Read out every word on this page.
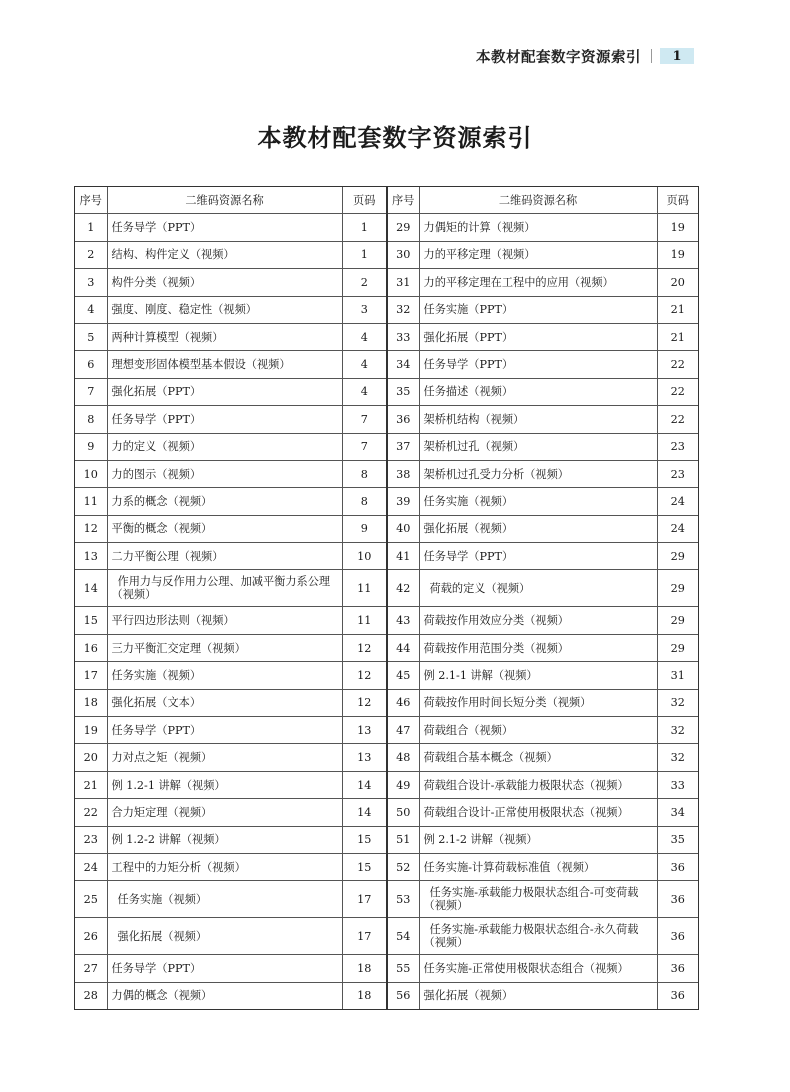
本教材配套数字资源索引	1
本教材配套数字资源索引
序号	二维码资源名称	页码
1	任务导学（PPT）	1
2	结构、构件定义（视频）	1
3	构件分类（视频）	2
4	强度、刚度、稳定性（视频）	3
5	两种计算模型（视频）	4
6	理想变形固体模型基本假设（视频）	4
7	强化拓展（PPT）	4
8	任务导学（PPT）	7
9	力的定义（视频）	7
10	力的图示（视频）	8
11	力系的概念（视频）	8
12	平衡的概念（视频）	9
13	二力平衡公理（视频）	10
14	作用力与反作用力公理、加减平衡力系公理（视频）	11
15	平行四边形法则（视频）	11
16	三力平衡汇交定理（视频）	12
17	任务实施（视频）	12
18	强化拓展（文本）	12
19	任务导学（PPT）	13
20	力对点之矩（视频）	13
21	例 1.2-1 讲解（视频）	14
22	合力矩定理（视频）	14
23	例 1.2-2 讲解（视频）	15
24	工程中的力矩分析（视频）	15
25	任务实施（视频）	17
26	强化拓展（视频）	17
27	任务导学（PPT）	18
28	力偶的概念（视频）	18
序号	二维码资源名称	页码
29	力偶矩的计算（视频）	19
30	力的平移定理（视频）	19
31	力的平移定理在工程中的应用（视频）	20
32	任务实施（PPT）	21
33	强化拓展（PPT）	21
34	任务导学（PPT）	22
35	任务描述（视频）	22
36	架桥机结构（视频）	22
37	架桥机过孔（视频）	23
38	架桥机过孔受力分析（视频）	23
39	任务实施（视频）	24
40	强化拓展（视频）	24
41	任务导学（PPT）	29
42	荷载的定义（视频）	29
43	荷载按作用效应分类（视频）	29
44	荷载按作用范围分类（视频）	29
45	例 2.1-1 讲解（视频）	31
46	荷载按作用时间长短分类（视频）	32
47	荷载组合（视频）	32
48	荷载组合基本概念（视频）	32
49	荷载组合设计-承载能力极限状态（视频）	33
50	荷载组合设计-正常使用极限状态（视频）	34
51	例 2.1-2 讲解（视频）	35
52	任务实施-计算荷载标准值（视频）	36
53	任务实施-承载能力极限状态组合-可变荷载（视频）	36
54	任务实施-承载能力极限状态组合-永久荷载（视频）	36
55	任务实施-正常使用极限状态组合（视频）	36
56	强化拓展（视频）	36
